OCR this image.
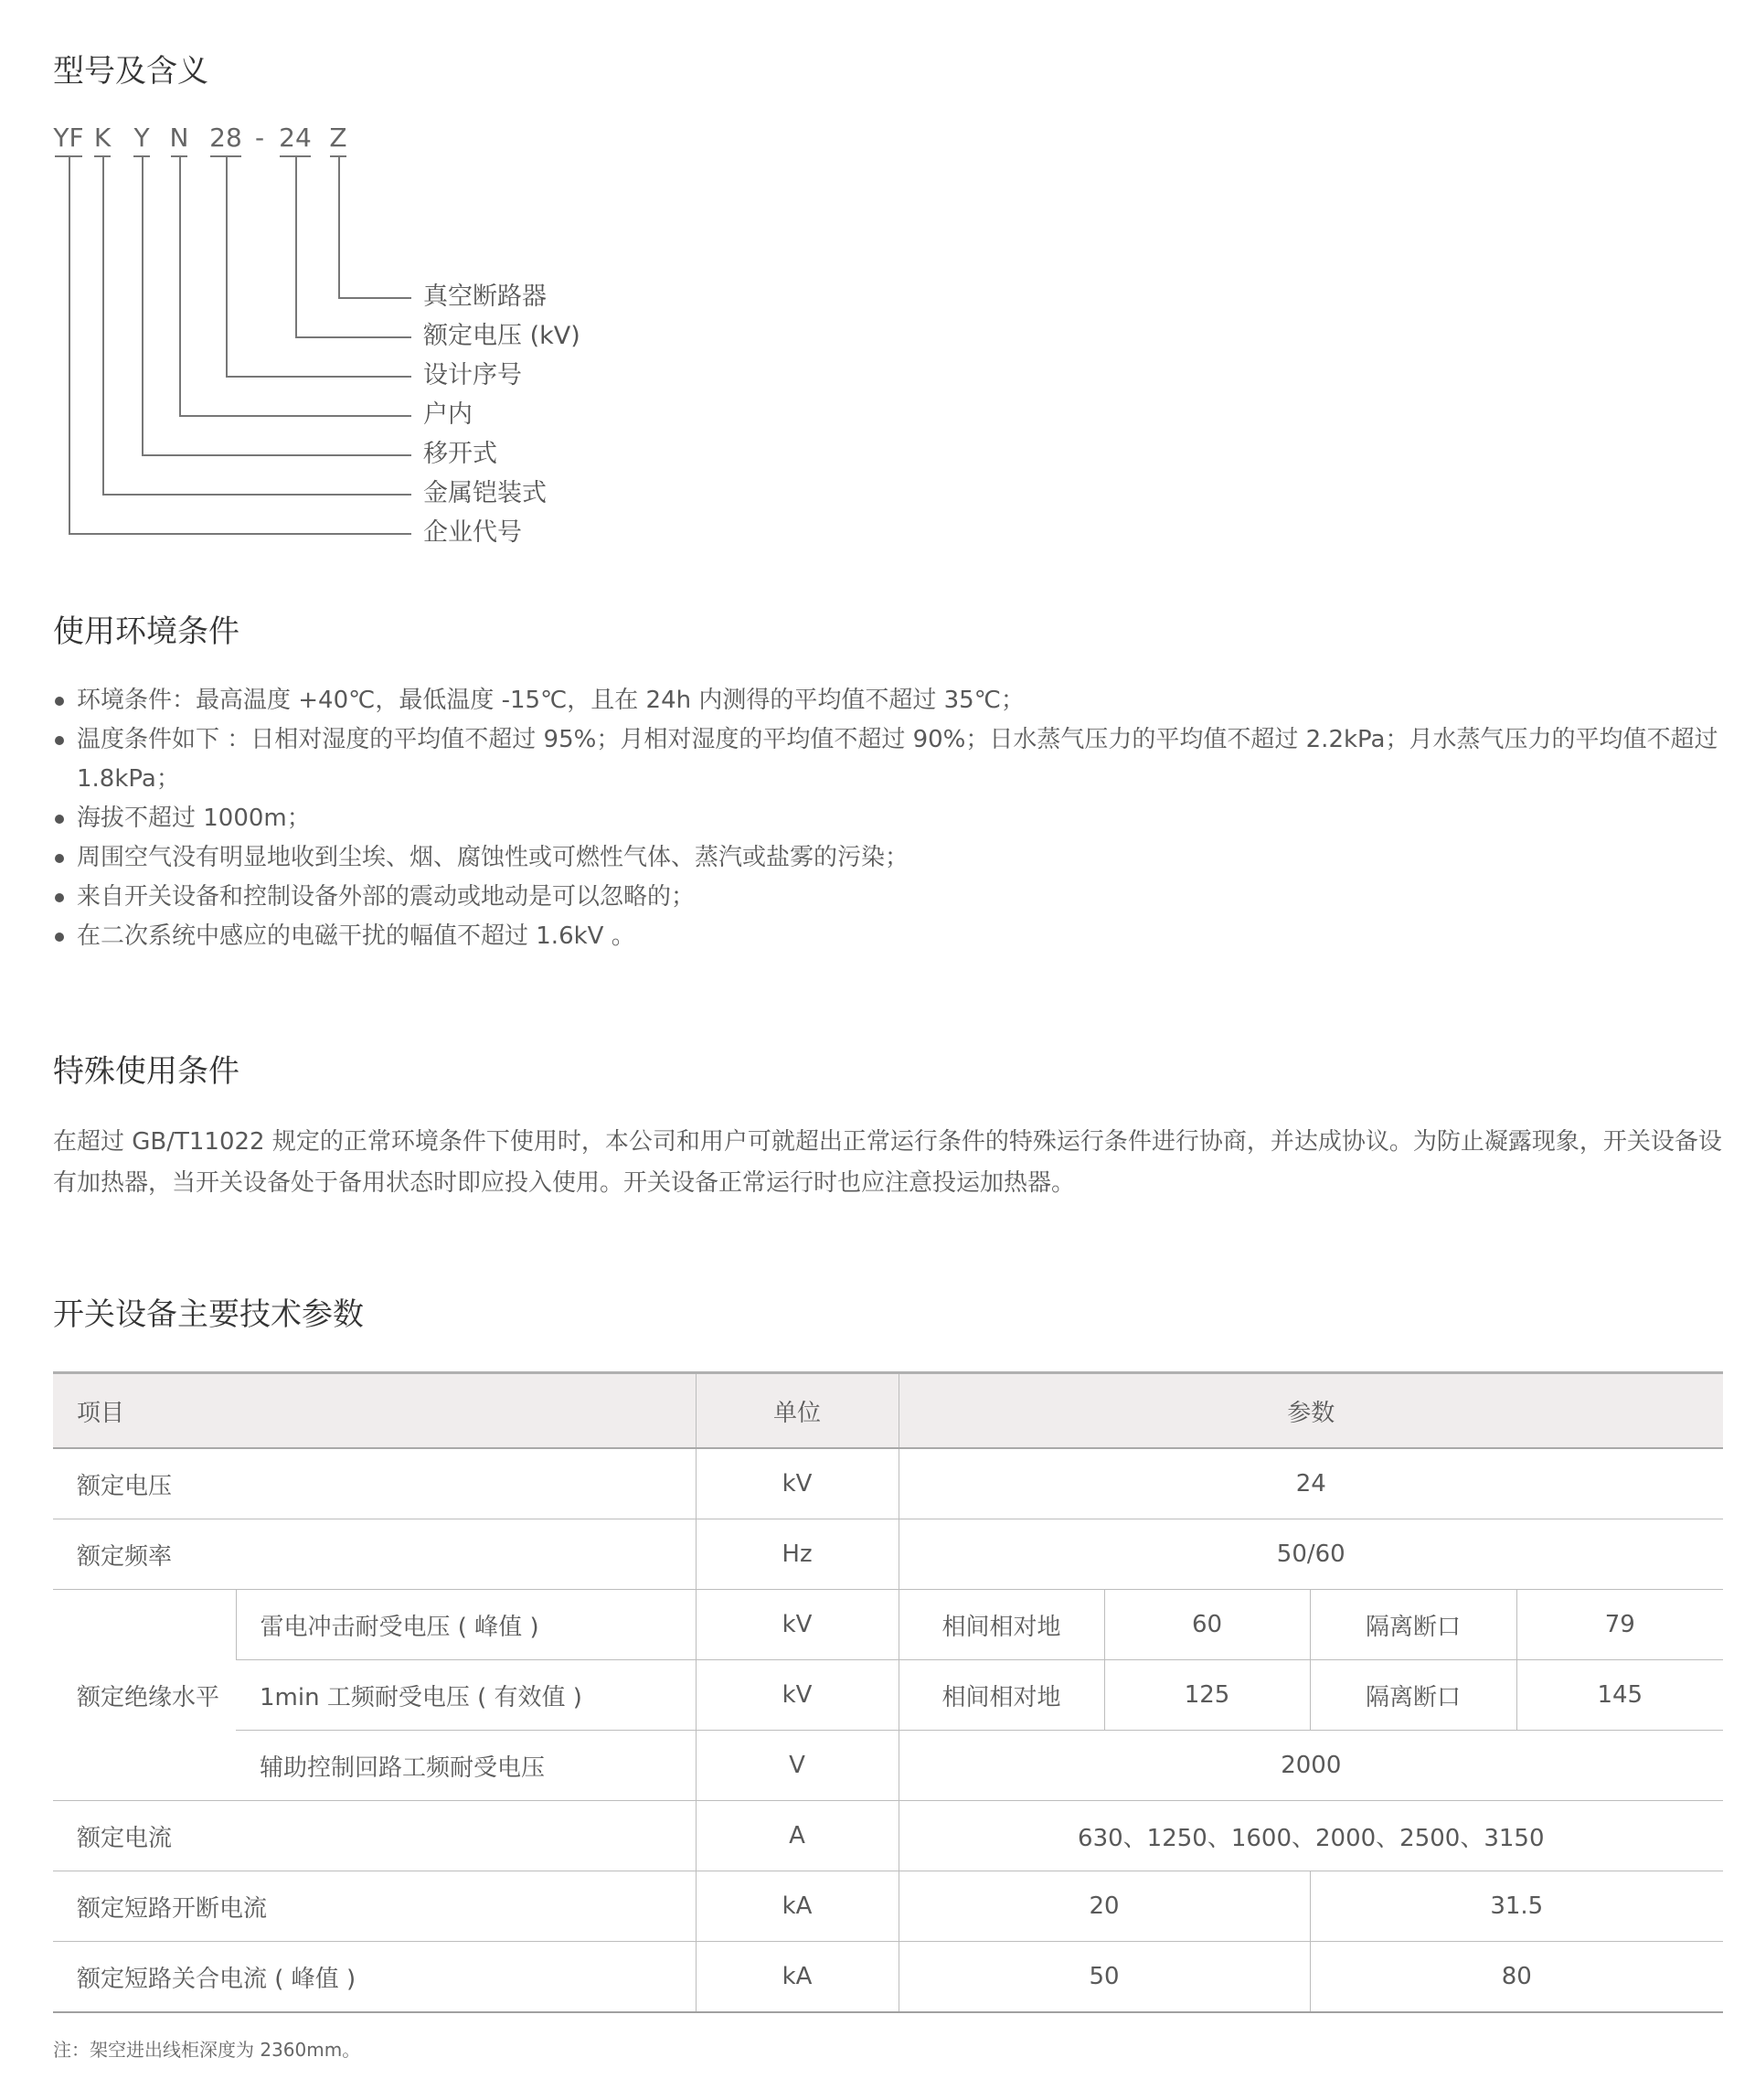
型号及含义
YF K Y N 28 - 24 Z
真空断路器
额定电压 (kV)
设计序号
户内
移开式
金属铠装式
企业代号
使用环境条件
环境条件：最高温度 +40℃，最低温度 -15℃，且在 24h 内测得的平均值不超过 35℃；
温度条件如下 ：日相对湿度的平均值不超过 95%；月相对湿度的平均值不超过 90%；日水蒸气压力的平均值不超过 2.2kPa；月水蒸气压力的平均值不超过 1.8kPa；
海拔不超过 1000m；
周围空气没有明显地收到尘埃、烟、腐蚀性或可燃性气体、蒸汽或盐雾的污染；
来自开关设备和控制设备外部的震动或地动是可以忽略的；
在二次系统中感应的电磁干扰的幅值不超过 1.6kV 。
特殊使用条件

在超过 GB/T11022 规定的正常环境条件下使用时，本公司和用户可就超出正常运行条件的特殊运行条件进行协商，并达成协议。为防止凝露现象，开关设备设有加热器，当开关设备处于备用状态时即应投入使用。开关设备正常运行时也应注意投运加热器。

开关设备主要技术参数
项目		单位	参数			
额定电压		kV	24			
额定频率		Hz	50/60			
额定绝缘水平	雷电冲击耐受电压 ( 峰值 )	kV	相间相对地	60	隔离断口	79
	1min 工频耐受电压 ( 有效值 )	kV	相间相对地	125	隔离断口	145
	辅助控制回路工频耐受电压	V	2000			
额定电流		A	630、1250、1600、2000、2500、3150			
额定短路开断电流		kA	20		31.5	
额定短路关合电流 ( 峰值 )		kA	50		80	

注：架空进出线柜深度为 2360mm。
